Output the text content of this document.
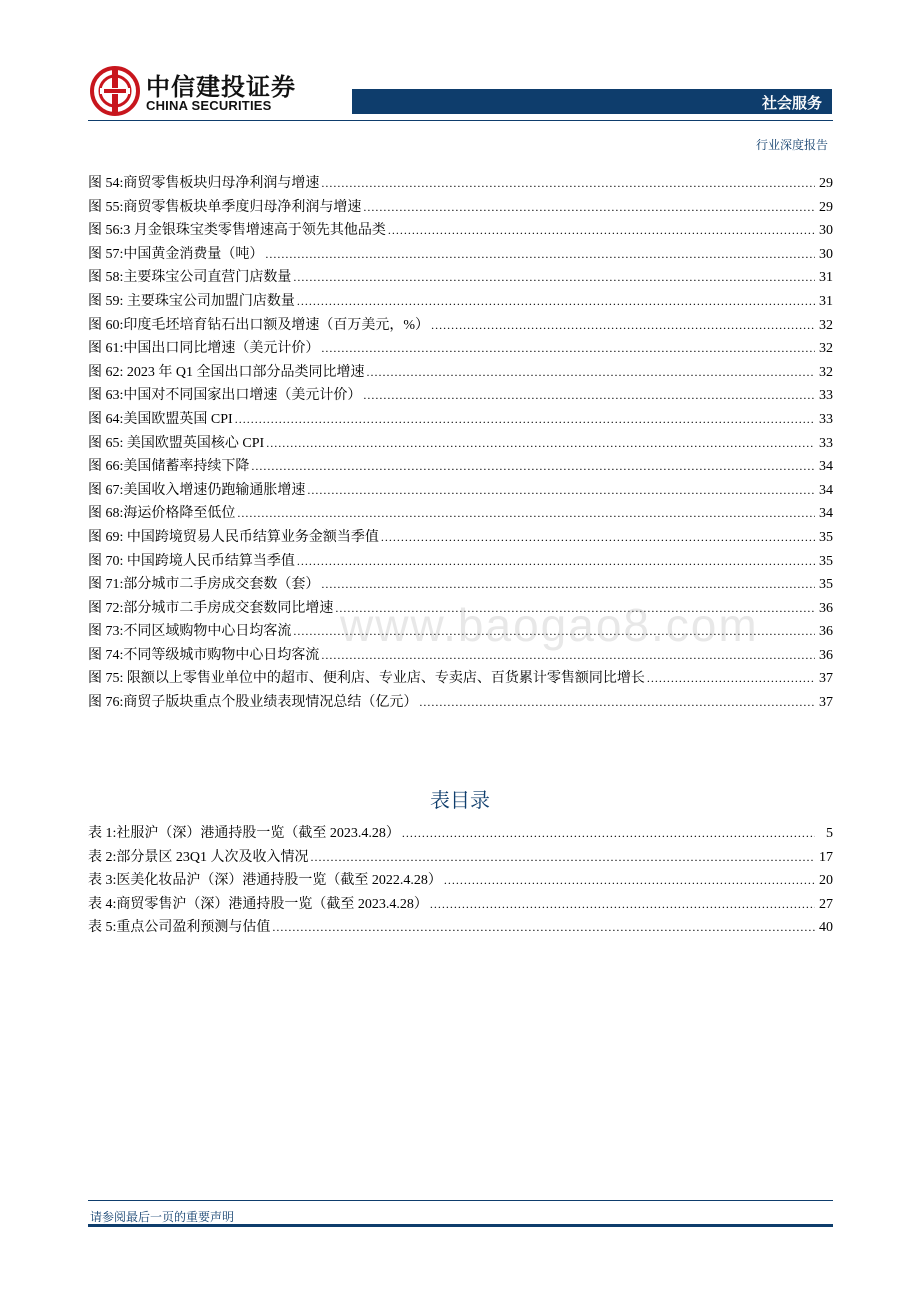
中信建投证券
CHINA SECURITIES	社会服务
行业深度报告
图 54:商贸零售板块归母净利润与增速 .....	29
图 55:商贸零售板块单季度归母净利润与增速 .....	29
图 56:3 月金银珠宝类零售增速高于领先其他品类 .....	30
图 57:中国黄金消费量（吨） .....	30
图 58:主要珠宝公司直营门店数量 .....	31
图 59: 主要珠宝公司加盟门店数量 .....	31
图 60:印度毛坯培育钻石出口额及增速（百万美元，%） .....	32
图 61:中国出口同比增速（美元计价） .....	32
图 62: 2023 年 Q1 全国出口部分品类同比增速 .....	32
图 63:中国对不同国家出口增速（美元计价） .....	33
图 64:美国欧盟英国 CPI .....	33
图 65: 美国欧盟英国核心 CPI .....	33
图 66:美国储蓄率持续下降 .....	34
图 67:美国收入增速仍跑输通胀增速 .....	34
图 68:海运价格降至低位 .....	34
图 69: 中国跨境贸易人民币结算业务金额当季值 .....	35
图 70: 中国跨境人民币结算当季值 .....	35
图 71:部分城市二手房成交套数（套） .....	35
图 72:部分城市二手房成交套数同比增速 .....	36
图 73:不同区域购物中心日均客流 .....	36
图 74:不同等级城市购物中心日均客流 .....	36
图 75: 限额以上零售业单位中的超市、便利店、专业店、专卖店、百货累计零售额同比增长 .....	37
图 76:商贸子版块重点个股业绩表现情况总结（亿元） .....	37
表目录
表 1:社服沪（深）港通持股一览（截至 2023.4.28） .....	5
表 2:部分景区 23Q1 人次及收入情况 .....	17
表 3:医美化妆品沪（深）港通持股一览（截至 2022.4.28） .....	20
表 4:商贸零售沪（深）港通持股一览（截至 2023.4.28） .....	27
表 5:重点公司盈利预测与估值 .....	40
www.baogao8.com
请参阅最后一页的重要声明
